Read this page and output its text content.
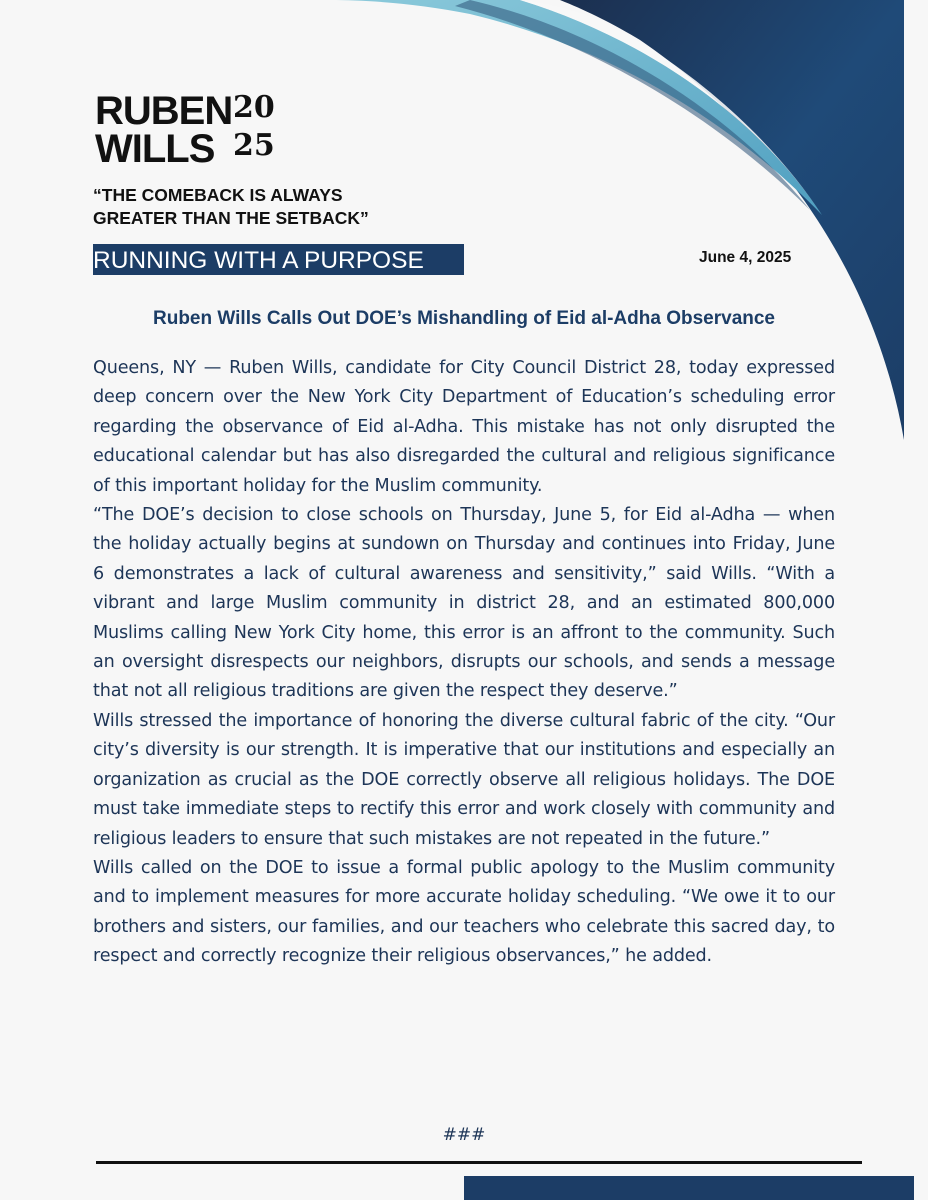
RUBEN
WILLS
20
25
“THE COMEBACK IS ALWAYS
GREATER THAN THE SETBACK”
RUNNING WITH A PURPOSE	June 4, 2025
Ruben Wills Calls Out DOE’s Mishandling of Eid al-Adha Observance

Queens, NY — Ruben Wills, candidate for City Council District 28, today expressed deep concern over the New York City Department of Education’s scheduling error regarding the observance of Eid al-Adha. This mistake has not only disrupted the educational calendar but has also disregarded the cultural and religious significance of this important holiday for the Muslim community.

“The DOE’s decision to close schools on Thursday, June 5, for Eid al-Adha — when the holiday actually begins at sundown on Thursday and continues into Friday, June 6 demonstrates a lack of cultural awareness and sensitivity,” said Wills. “With a vibrant and large Muslim community in district 28, and an estimated 800,000 Muslims calling New York City home, this error is an affront to the community. Such an oversight disrespects our neighbors, disrupts our schools, and sends a message that not all religious traditions are given the respect they deserve.”

Wills stressed the importance of honoring the diverse cultural fabric of the city. “Our city’s diversity is our strength. It is imperative that our institutions and especially an organization as crucial as the DOE correctly observe all religious holidays. The DOE must take immediate steps to rectify this error and work closely with community and religious leaders to ensure that such mistakes are not repeated in the future.”

Wills called on the DOE to issue a formal public apology to the Muslim community and to implement measures for more accurate holiday scheduling. “We owe it to our brothers and sisters, our families, and our teachers who celebrate this sacred day, to respect and correctly recognize their religious observances,” he added.

###
